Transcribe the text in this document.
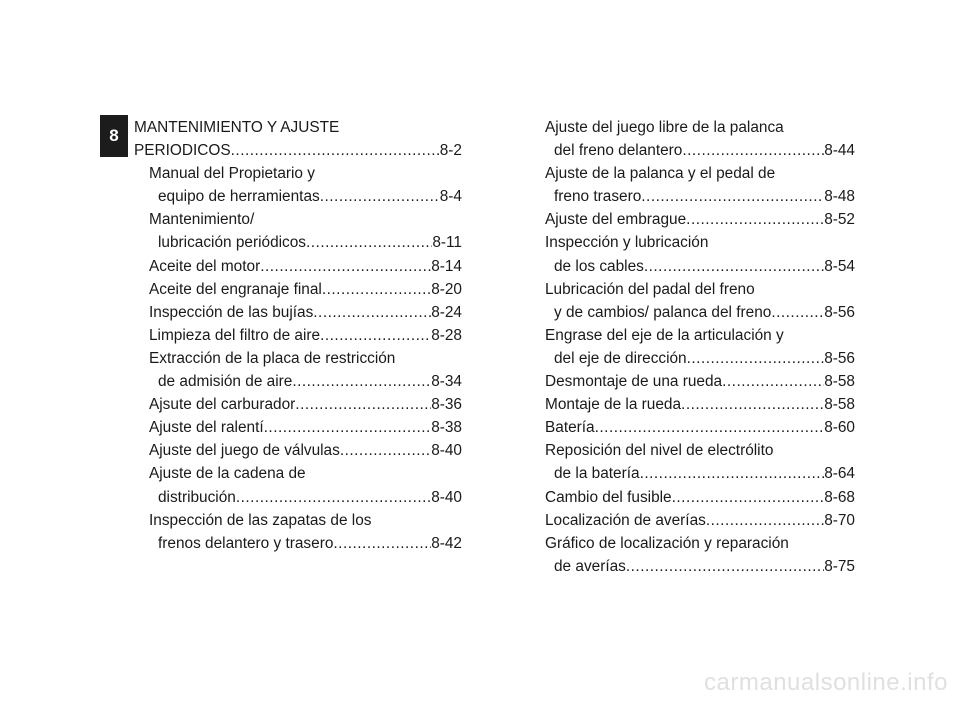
8 MANTENIMIENTO Y AJUSTE
PERIODICOS .....	8-2
Manual del Propietario y
equipo de herramientas .....	8-4
Mantenimiento/
lubricación periódicos .....	8-11
Aceite del motor .....	8-14
Aceite del engranaje final .....	8-20
Inspección de las bujías .....	8-24
Limpieza del filtro de aire .....	8-28
Extracción de la placa de restricción
de admisión de aire .....	8-34
Ajsute del carburador .....	8-36
Ajuste del ralentí .....	8-38
Ajuste del juego de válvulas .....	8-40
Ajuste de la cadena de
distribución .....	8-40
Inspección de las zapatas de los
frenos delantero y trasero .....	8-42
Ajuste del juego libre de la palanca
del freno delantero .....	8-44
Ajuste de la palanca y el pedal de
freno trasero .....	8-48
Ajuste del embrague .....	8-52
Inspección y lubricación
de los cables .....	8-54
Lubricación del padal del freno
y de cambios/ palanca del freno .....	8-56
Engrase del eje de la articulación y
del eje de dirección .....	8-56
Desmontaje de una rueda .....	8-58
Montaje de la rueda .....	8-58
Batería .....	8-60
Reposición del nivel de electrólito
de la batería .....	8-64
Cambio del fusible .....	8-68
Localización de averías .....	8-70
Gráfico de localización y reparación
de averías .....	8-75
carmanualsonline.info
